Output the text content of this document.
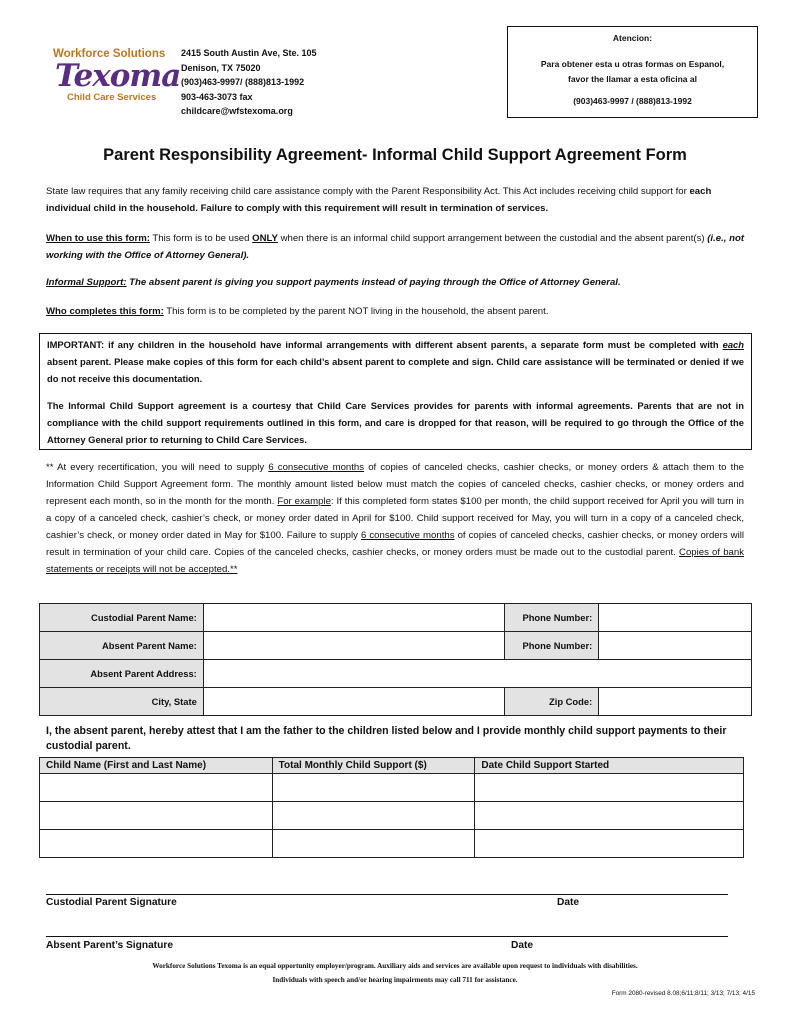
Workforce Solutions
Texoma
Child Care Services
2415 South Austin Ave, Ste. 105
Denison, TX 75020
(903)463-9997/ (888)813-1992
903-463-3073 fax
childcare@wfstexoma.org
Atencion:
Para obtener esta u otras formas on Espanol,
favor the llamar a esta oficina al
(903)463-9997 / (888)813-1992
Parent Responsibility Agreement- Informal Child Support Agreement Form
State law requires that any family receiving child care assistance comply with the Parent Responsibility Act. This Act includes receiving child support for each individual child in the household. Failure to comply with this requirement will result in termination of services.
When to use this form: This form is to be used ONLY when there is an informal child support arrangement between the custodial and the absent parent(s) (i.e., not working with the Office of Attorney General).
Informal Support: The absent parent is giving you support payments instead of paying through the Office of Attorney General.
Who completes this form: This form is to be completed by the parent NOT living in the household, the absent parent.
IMPORTANT: if any children in the household have informal arrangements with different absent parents, a separate form must be completed with each absent parent. Please make copies of this form for each child’s absent parent to complete and sign. Child care assistance will be terminated or denied if we do not receive this documentation.
The Informal Child Support agreement is a courtesy that Child Care Services provides for parents with informal agreements. Parents that are not in compliance with the child support requirements outlined in this form, and care is dropped for that reason, will be required to go through the Office of the Attorney General prior to returning to Child Care Services.
** At every recertification, you will need to supply 6 consecutive months of copies of canceled checks, cashier checks, or money orders & attach them to the Information Child Support Agreement form. The monthly amount listed below must match the copies of canceled checks, cashier checks, or money orders and represent each month, so in the month for the month. For example: If this completed form states $100 per month, the child support received for April you will turn in a copy of a canceled check, cashier’s check, or money order dated in April for $100. Child support received for May, you will turn in a copy of a canceled check, cashier’s check, or money order dated in May for $100. Failure to supply 6 consecutive months of copies of canceled checks, cashier checks, or money orders will result in termination of your child care. Copies of the canceled checks, cashier checks, or money orders must be made out to the custodial parent. Copies of bank statements or receipts will not be accepted.**
Custodial Parent Name:		Phone Number:	
Absent Parent Name:		Phone Number:	
Absent Parent Address:			
City, State		Zip Code:	
I, the absent parent, hereby attest that I am the father to the children listed below and I provide monthly child support payments to their custodial parent.
Child Name (First and Last Name)	Total Monthly Child Support ($)	Date Child Support Started

Custodial Parent Signature	Date
Absent Parent’s Signature	Date
Workforce Solutions Texoma is an equal opportunity employer/program. Auxiliary aids and services are available upon request to individuals with disabilities.
Individuals with speech and/or hearing impairments may call 711 for assistance.
Form 2080-revised 8.08;6/11;8/11; 3/13; 7/13; 4/15
